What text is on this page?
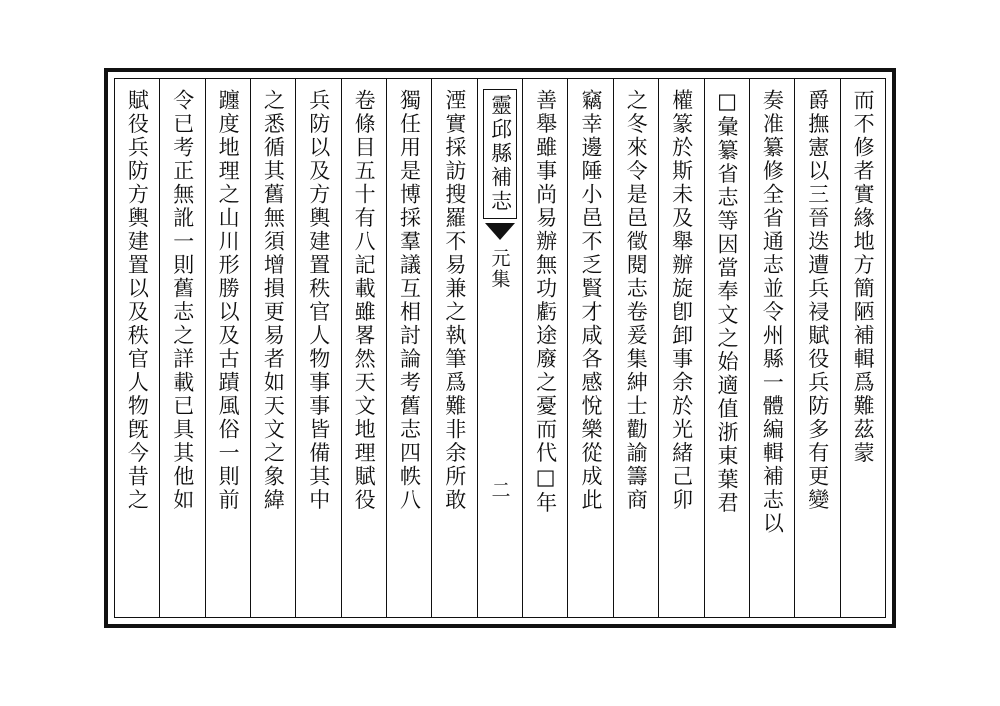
而不修者實緣地方簡陋補輯爲難茲蒙
爵撫憲以三晉迭遭兵祲賦役兵防多有更變
奏准纂修全省通志並令州縣一體編輯補志以
□彙纂省志等因當奉文之始適值浙東葉君
權篆於斯未及舉辦旋卽卸事余於光緒己卯
之冬來令是邑徵閱志卷爰集紳士勸諭籌商
竊幸邊陲小邑不乏賢才咸各感悅樂從成此
善舉雖事尚易辦無功虧途廢之憂而代□年
靈邱縣補志
元集
二
湮實採訪搜羅不易兼之執筆爲難非余所敢
獨任用是博採羣議互相討論考舊志四帙八
卷條目五十有八記載雖畧然天文地理賦役
兵防以及方輿建置秩官人物事事皆備其中
之悉循其舊無須增損更易者如天文之象緯
躔度地理之山川形勝以及古蹟風俗一則前
令已考正無訛一則舊志之詳載已具其他如
賦役兵防方輿建置以及秩官人物旣今昔之
